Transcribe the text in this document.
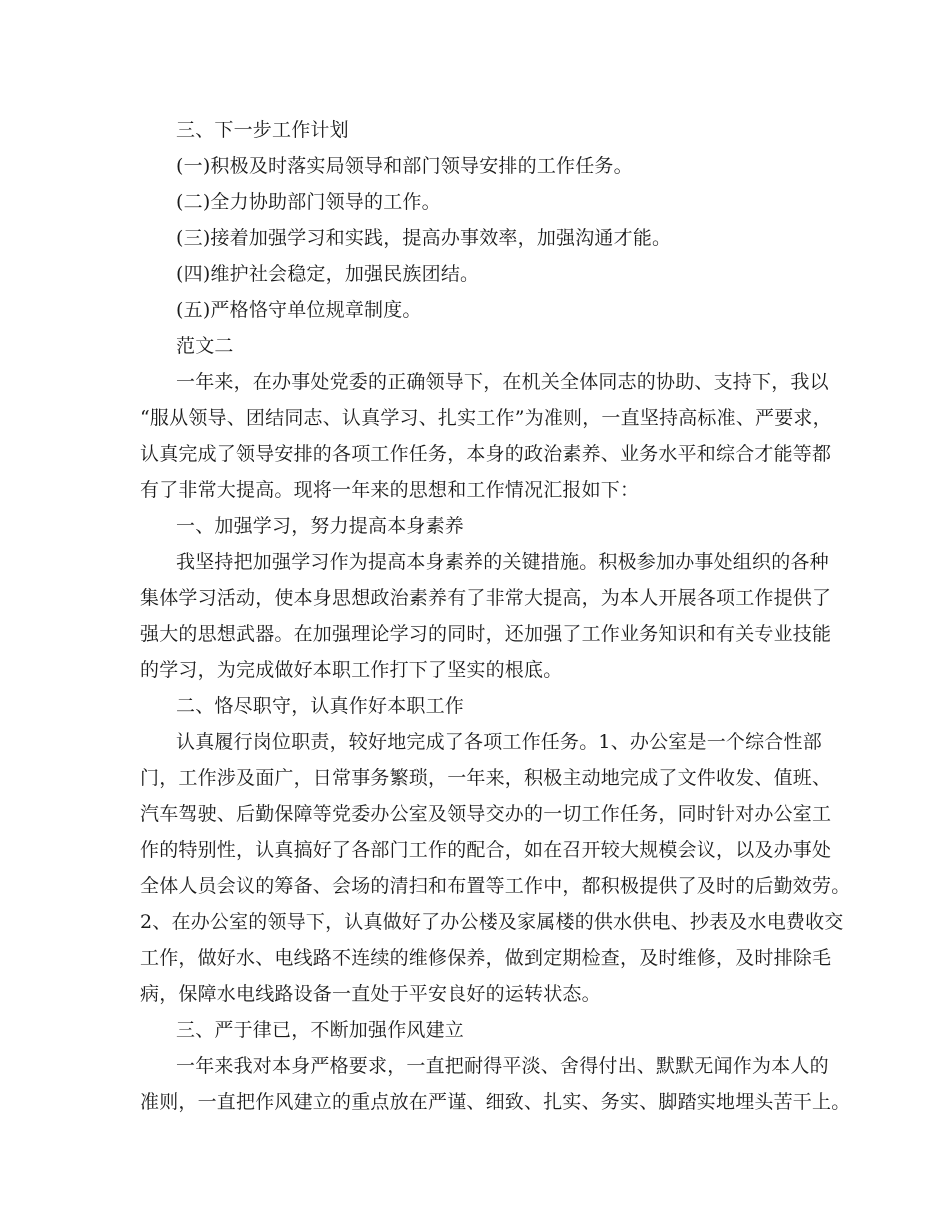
三、下一步工作计划
(一)积极及时落实局领导和部门领导安排的工作任务。
(二)全力协助部门领导的工作。
(三)接着加强学习和实践，提高办事效率，加强沟通才能。
(四)维护社会稳定，加强民族团结。
(五)严格恪守单位规章制度。
范文二
一年来，在办事处党委的正确领导下，在机关全体同志的协助、支持下，我以
“服从领导、团结同志、认真学习、扎实工作”为准则，一直坚持高标准、严要求，
认真完成了领导安排的各项工作任务，本身的政治素养、业务水平和综合才能等都
有了非常大提高。现将一年来的思想和工作情况汇报如下：
一、加强学习，努力提高本身素养
我坚持把加强学习作为提高本身素养的关键措施。积极参加办事处组织的各种
集体学习活动，使本身思想政治素养有了非常大提高，为本人开展各项工作提供了
强大的思想武器。在加强理论学习的同时，还加强了工作业务知识和有关专业技能
的学习，为完成做好本职工作打下了坚实的根底。
二、恪尽职守，认真作好本职工作
认真履行岗位职责，较好地完成了各项工作任务。1、办公室是一个综合性部
门，工作涉及面广，日常事务繁琐，一年来，积极主动地完成了文件收发、值班、
汽车驾驶、后勤保障等党委办公室及领导交办的一切工作任务，同时针对办公室工
作的特别性，认真搞好了各部门工作的配合，如在召开较大规模会议，以及办事处
全体人员会议的筹备、会场的清扫和布置等工作中，都积极提供了及时的后勤效劳。
2、在办公室的领导下，认真做好了办公楼及家属楼的供水供电、抄表及水电费收交
工作，做好水、电线路不连续的维修保养，做到定期检查，及时维修，及时排除毛
病，保障水电线路设备一直处于平安良好的运转状态。
三、严于律已，不断加强作风建立
一年来我对本身严格要求，一直把耐得平淡、舍得付出、默默无闻作为本人的
准则，一直把作风建立的重点放在严谨、细致、扎实、务实、脚踏实地埋头苦干上。
